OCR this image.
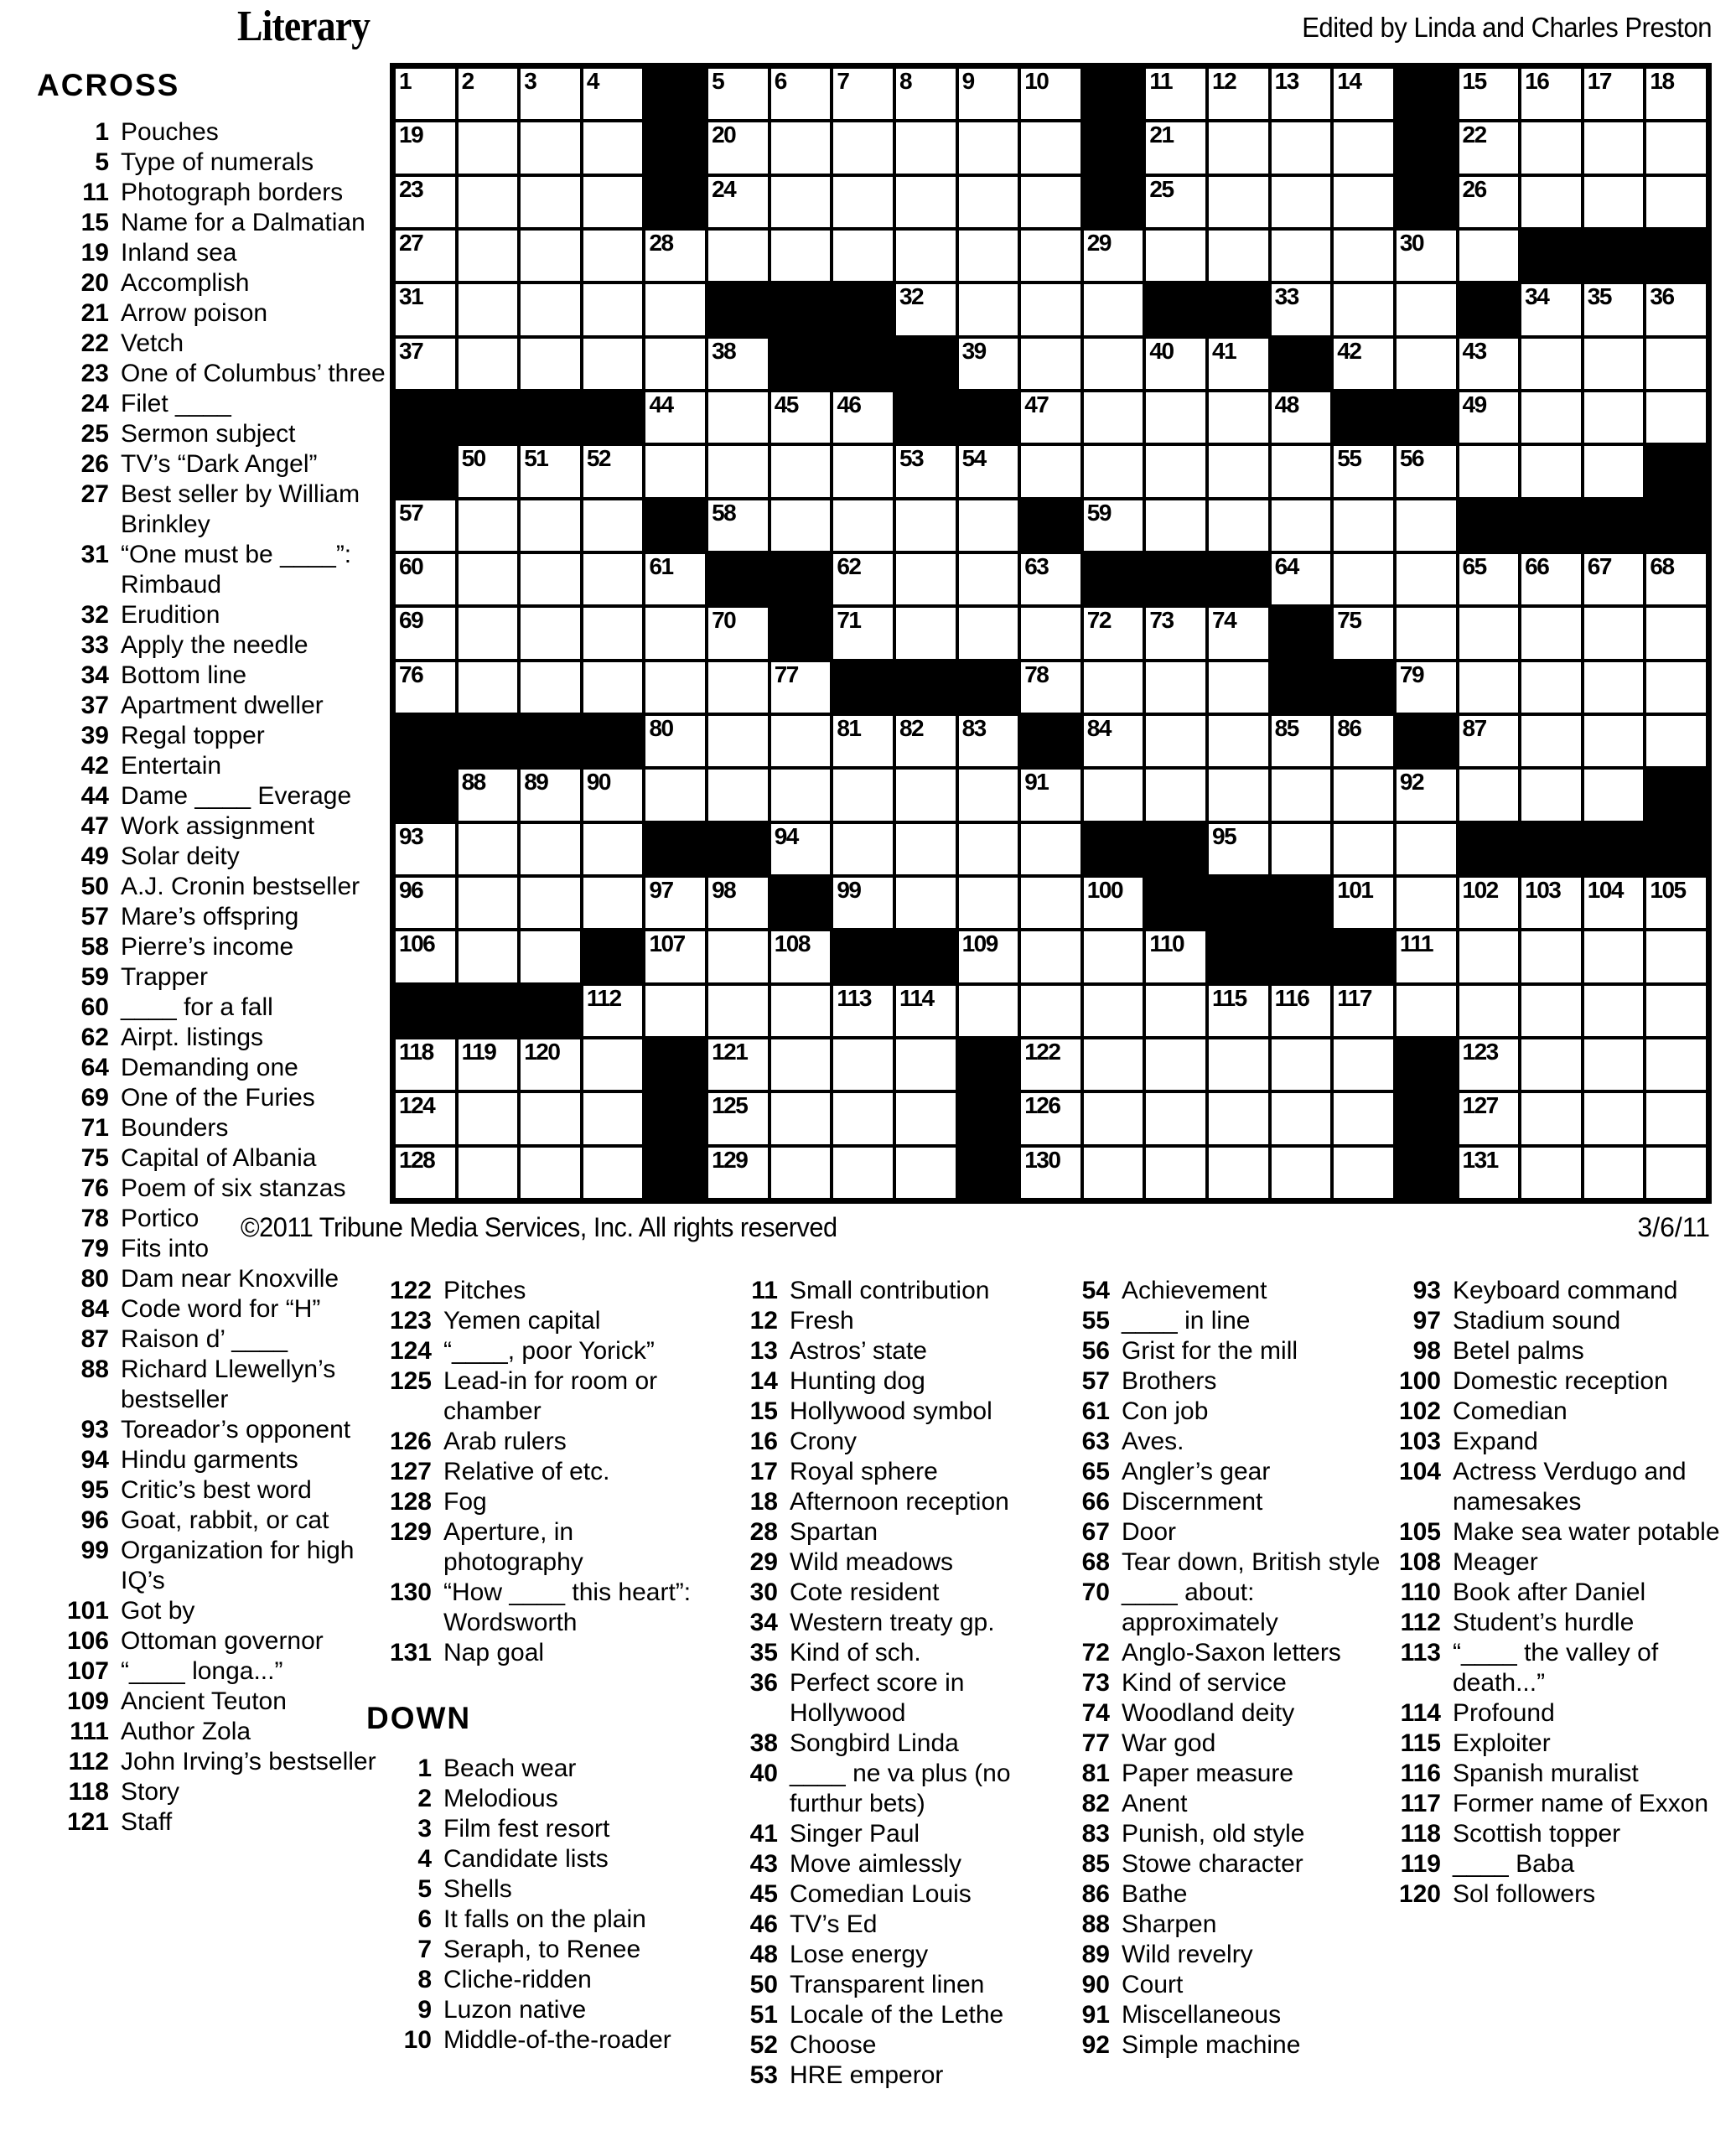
Literary	Edited by Linda and Charles Preston
ACROSS
1 Pouches
5 Type of numerals
11 Photograph borders
15 Name for a Dalmatian
19 Inland sea
20 Accomplish
21 Arrow poison
22 Vetch
23 One of Columbus’ three
24 Filet ____
25 Sermon subject
26 TV’s “Dark Angel”
27 Best seller by William Brinkley
31 “One must be ____”: Rimbaud
32 Erudition
33 Apply the needle
34 Bottom line
37 Apartment dweller
39 Regal topper
42 Entertain
44 Dame ____ Everage
47 Work assignment
49 Solar deity
50 A.J. Cronin bestseller
57 Mare’s offspring
58 Pierre’s income
59 Trapper
60 ____ for a fall
62 Airpt. listings
64 Demanding one
69 One of the Furies
71 Bounders
75 Capital of Albania
76 Poem of six stanzas
78 Portico
79 Fits into
80 Dam near Knoxville
84 Code word for “H”
87 Raison d’ ____
88 Richard Llewellyn’s bestseller
93 Toreador’s opponent
94 Hindu garments
95 Critic’s best word
96 Goat, rabbit, or cat
99 Organization for high IQ’s
101 Got by
106 Ottoman governor
107 “____ longa...”
109 Ancient Teuton
111 Author Zola
112 John Irving’s bestseller
118 Story
121 Staff
1 2 3 4	5 6 7 8 9 10	11 12 13 14	15 16 17 18
19	20	21	22
23	24	25	26
27	28	29	30
31	32	33	34 35 36
37	38	39	40 41	42	43
44	45 46	47	48	49
50 51 52	53 54	55 56
57	58	59
60	61	62	63	64	65 66 67 68
69	70	71	72 73 74	75
76	77	78	79
80	81 82 83	84	85 86	87
88 89 90	91	92
93	94	95
96	97 98	99	100	101	102 103 104 105
106	107	108	109	110	111
112	113 114	115 116 117
118 119 120	121	122	123
124	125	126	127
128	129	130	131
©2011 Tribune Media Services, Inc. All rights reserved	3/6/11
122 Pitches
123 Yemen capital
124 “____, poor Yorick”
125 Lead-in for room or chamber
126 Arab rulers
127 Relative of etc.
128 Fog
129 Aperture, in photography
130 “How ____ this heart”: Wordsworth
131 Nap goal
DOWN
1 Beach wear
2 Melodious
3 Film fest resort
4 Candidate lists
5 Shells
6 It falls on the plain
7 Seraph, to Renee
8 Cliche-ridden
9 Luzon native
10 Middle-of-the-roader
11 Small contribution
12 Fresh
13 Astros’ state
14 Hunting dog
15 Hollywood symbol
16 Crony
17 Royal sphere
18 Afternoon reception
28 Spartan
29 Wild meadows
30 Cote resident
34 Western treaty gp.
35 Kind of sch.
36 Perfect score in Hollywood
38 Songbird Linda
40 ____ ne va plus (no furthur bets)
41 Singer Paul
43 Move aimlessly
45 Comedian Louis
46 TV’s Ed
48 Lose energy
50 Transparent linen
51 Locale of the Lethe
52 Choose
53 HRE emperor
54 Achievement
55 ____ in line
56 Grist for the mill
57 Brothers
61 Con job
63 Aves.
65 Angler’s gear
66 Discernment
67 Door
68 Tear down, British style
70 ____ about: approximately
72 Anglo-Saxon letters
73 Kind of service
74 Woodland deity
77 War god
81 Paper measure
82 Anent
83 Punish, old style
85 Stowe character
86 Bathe
88 Sharpen
89 Wild revelry
90 Court
91 Miscellaneous
92 Simple machine
93 Keyboard command
97 Stadium sound
98 Betel palms
100 Domestic reception
102 Comedian
103 Expand
104 Actress Verdugo and namesakes
105 Make sea water potable
108 Meager
110 Book after Daniel
112 Student’s hurdle
113 “____ the valley of death...”
114 Profound
115 Exploiter
116 Spanish muralist
117 Former name of Exxon
118 Scottish topper
119 ____ Baba
120 Sol followers
